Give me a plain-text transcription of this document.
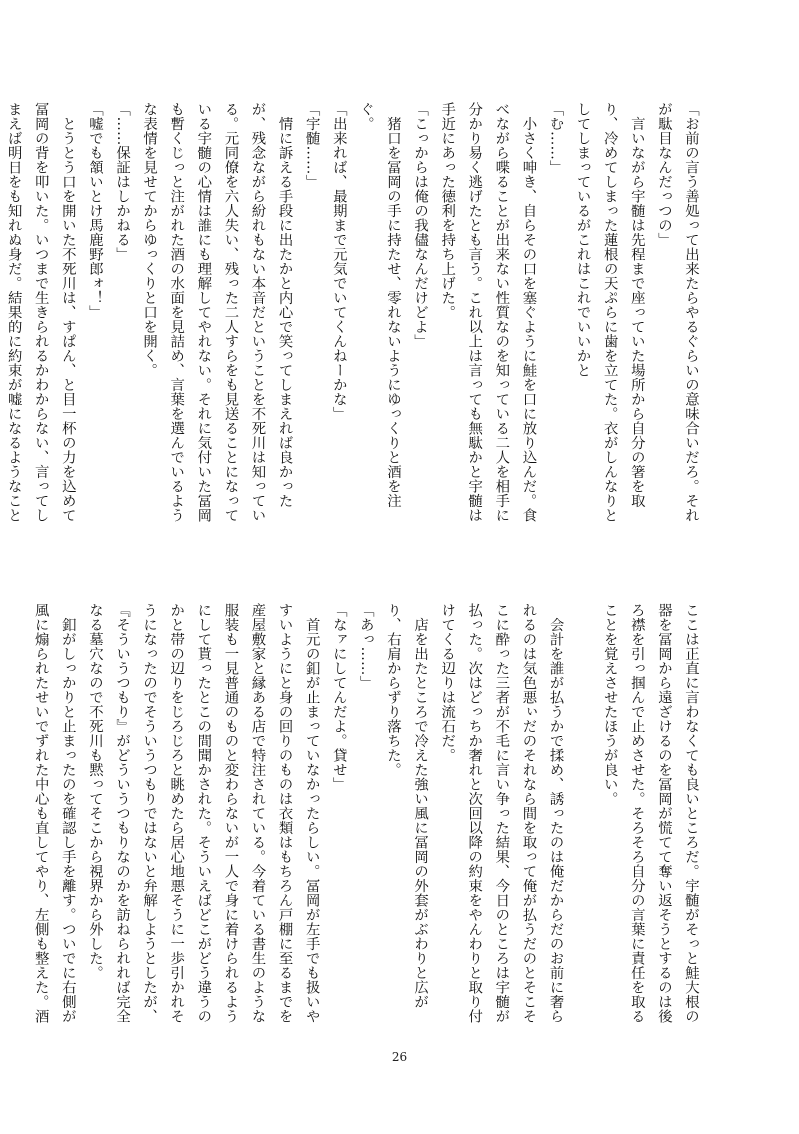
「お前の言う善処って出来たらやるぐらいの意味合いだろ。それが駄目なんだっつの」

　言いながら宇髄は先程まで座っていた場所から自分の箸を取り、冷めてしまった蓮根の天ぷらに歯を立てた。衣がしんなりとしてしまっているがこれはこれでいいかと

「む……」

　小さく呻き、自らその口を塞ぐように鮭を口に放り込んだ。食べながら喋ることが出来ない性質なのを知っている二人を相手に分かり易く逃げたとも言う。これ以上は言っても無駄かと宇髄は手近にあった徳利を持ち上げた。

「こっからは俺の我儘なんだけどよ」

　猪口を冨岡の手に持たせ、零れないようにゆっくりと酒を注ぐ。

「出来れば、最期まで元気でいてくんねーかな」

「宇髄……」

　情に訴える手段に出たかと内心で笑ってしまえれば良かったが、残念ながら紛れもない本音だということを不死川は知っている。元同僚を六人失い、残った二人すらをも見送ることになっている宇髄の心情は誰にも理解してやれない。それに気付いた冨岡も暫くじっと注がれた酒の水面を見詰め、言葉を選んでいるような表情を見せてからゆっくりと口を開く。

「……保証はしかねる」

「嘘でも頷いとけ馬鹿野郎ォ！」

　とうとう口を開いた不死川は、すぱん、と目一杯の力を込めて冨岡の背を叩いた。いつまで生きられるかわからない、言ってしまえば明日をも知れぬ身だ。結果的に約束が嘘になるようなこと

ここは正直に言わなくても良いところだ。宇髄がそっと鮭大根の器を冨岡から遠ざけるのを冨岡が慌てて奪い返そうとするのは後ろ襟を引っ掴んで止めさせた。そろそろ自分の言葉に責任を取ることを覚えさせたほうが良い。

　会計を誰が払うかで揉め、誘ったのは俺だからだのお前に奢られるのは気色悪ぃだのそれなら間を取って俺が払うだのとそこそこに酔った三者が不毛に言い争った結果、今日のところは宇髄が払った。次はどっちか奢れと次回以降の約束をやんわりと取り付けてくる辺りは流石だ。

　店を出たところで冷えた強い風に冨岡の外套がぶわりと広がり、右肩からずり落ちた。

「あっ……」

「なァにしてんだよ。貸せ」

　首元の釦が止まっていなかったらしい。冨岡が左手でも扱いやすいようにと身の回りのものは衣類はもちろん戸棚に至るまでを産屋敷家と縁ある店で特注されている。今着ている書生のような服装も一見普通のものと変わらないが一人で身に着けられるようにして貰ったとこの間聞かされた。そういえばどこがどう違うのかと帯の辺りをじろじろと眺めたら居心地悪そうに一歩引かれそうになったのでそういうつもりではないと弁解しようとしたが、『そういうつもり』がどういうつもりなのかを訪ねられれば完全なる墓穴なので不死川も黙ってそこから視界から外した。

　釦がしっかりと止まったのを確認し手を離す。ついでに右側が風に煽られたせいでずれた中心も直してやり、左側も整えた。酒

26
